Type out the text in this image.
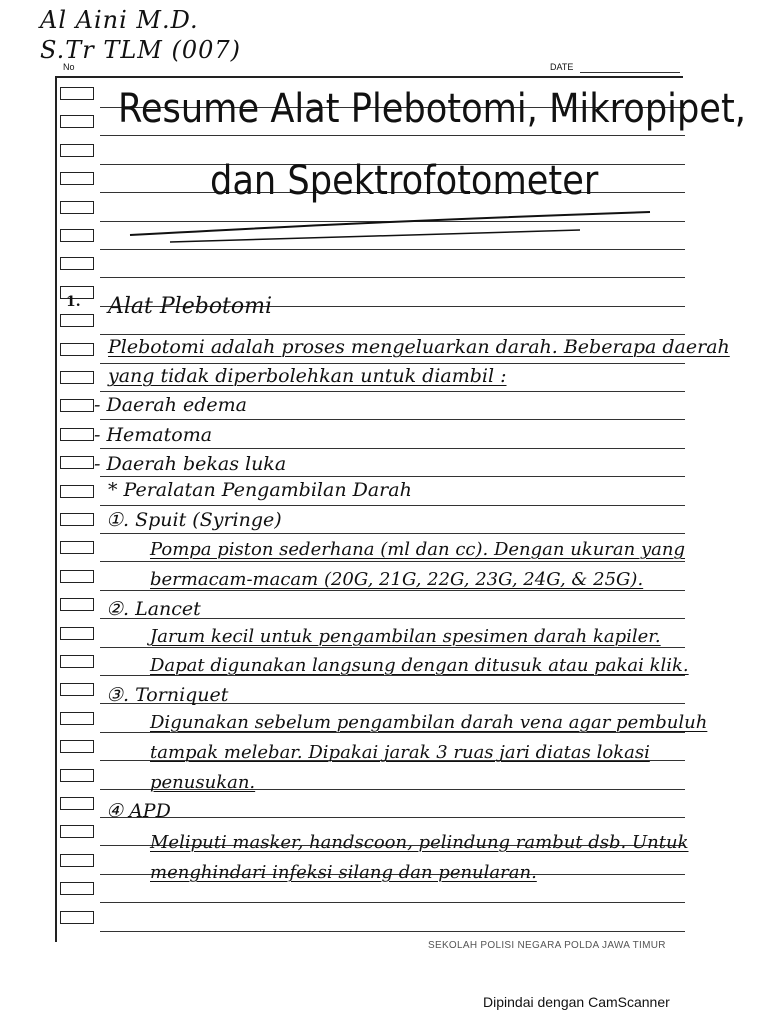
Al Aini M.D.
S.Tr TLM (007)
No	DATE
Resume Alat Plebotomi, Mikropipet,
dan Spektrofotometer
1. Alat Plebotomi
Plebotomi adalah proses mengeluarkan darah. Beberapa daerah
yang tidak diperbolehkan untuk diambil :
- Daerah edema
- Hematoma
- Daerah bekas luka
* Peralatan Pengambilan Darah
①. Spuit (Syringe)
Pompa piston sederhana (ml dan cc). Dengan ukuran yang
bermacam-macam (20G, 21G, 22G, 23G, 24G, & 25G).
②. Lancet
Jarum kecil untuk pengambilan spesimen darah kapiler.
Dapat digunakan langsung dengan ditusuk atau pakai klik.
③. Torniquet
Digunakan sebelum pengambilan darah vena agar pembuluh
tampak melebar. Dipakai jarak 3 ruas jari diatas lokasi
penusukan.
④ APD
Meliputi masker, handscoon, pelindung rambut dsb. Untuk
menghindari infeksi silang dan penularan.
SEKOLAH POLISI NEGARA POLDA JAWA TIMUR
Dipindai dengan CamScanner
